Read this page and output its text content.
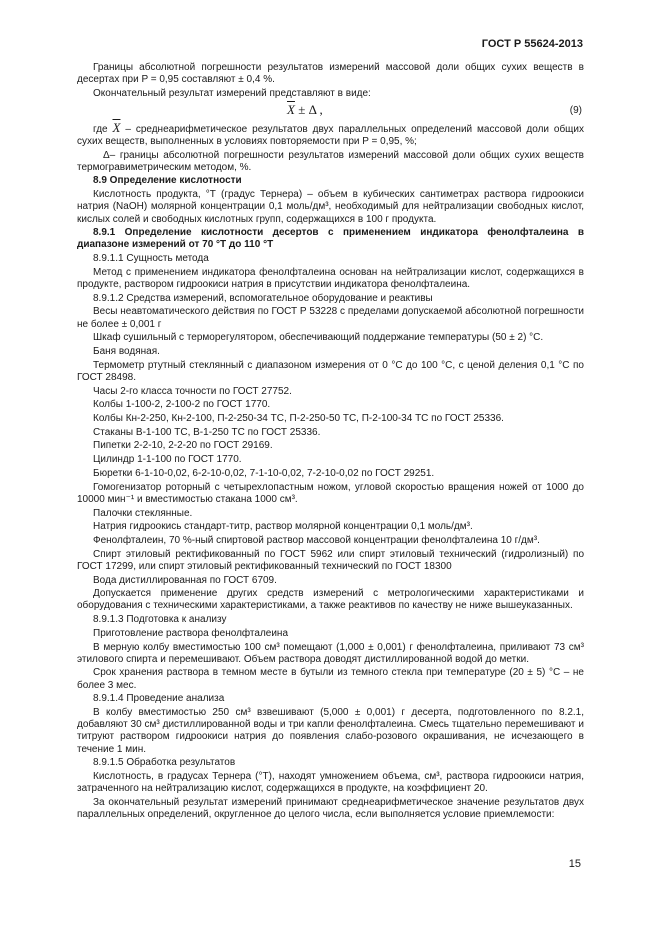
ГОСТ Р 55624-2013

Границы абсолютной погрешности результатов измерений массовой доли общих сухих веществ в десертах при P = 0,95 составляют ± 0,4 %.

Окончательный результат измерений представляют в виде:

$\overline{X} \pm \Delta$ ,	(9)

где $\overline{X}$ – среднеарифметическое результатов двух параллельных определений массовой доли общих сухих веществ, выполненных в условиях повторяемости при P = 0,95, %;

Δ– границы абсолютной погрешности результатов измерений массовой доли общих сухих веществ термогравиметрическим методом, %.

8.9 Определение кислотности

Кислотность продукта, °Т (градус Тернера) – объем в кубических сантиметрах раствора гидроокиси натрия (NaOH) молярной концентрации 0,1 моль/дм³, необходимый для нейтрализации свободных кислот, кислых солей и свободных кислотных групп, содержащихся в 100 г продукта.

8.9.1 Определение кислотности десертов с применением индикатора фенолфталеина в диапазоне измерений от 70 °Т до 110 °Т

8.9.1.1 Сущность метода

Метод с применением индикатора фенолфталеина основан на нейтрализации кислот, содержащихся в продукте, раствором гидроокиси натрия в присутствии индикатора фенолфталеина.

8.9.1.2 Средства измерений, вспомогательное оборудование и реактивы

Весы неавтоматического действия по ГОСТ Р 53228 с пределами допускаемой абсолютной погрешности не более ± 0,001 г

Шкаф сушильный с терморегулятором, обеспечивающий поддержание температуры (50 ± 2) °С.

Баня водяная.

Термометр ртутный стеклянный с диапазоном измерения от 0 °С до 100 °С, с ценой деления 0,1 °С по ГОСТ 28498.

Часы 2-го класса точности по ГОСТ 27752.

Колбы 1-100-2, 2-100-2 по ГОСТ 1770.

Колбы Кн-2-250, Кн-2-100, П-2-250-34 ТС, П-2-250-50 ТС, П-2-100-34 ТС по ГОСТ 25336.

Стаканы В-1-100 ТС, В-1-250 ТС по ГОСТ 25336.

Пипетки 2-2-10, 2-2-20 по ГОСТ 29169.

Цилиндр 1-1-100 по ГОСТ 1770.

Бюретки 6-1-10-0,02, 6-2-10-0,02, 7-1-10-0,02, 7-2-10-0,02 по ГОСТ 29251.

Гомогенизатор роторный с четырехлопастным ножом, угловой скоростью вращения ножей от 1000 до 10000 мин⁻¹ и вместимостью стакана 1000 см³.

Палочки стеклянные.

Натрия гидроокись стандарт-титр, раствор молярной концентрации 0,1 моль/дм³.

Фенолфталеин, 70 %-ный спиртовой раствор массовой концентрации фенолфталеина 10 г/дм³.

Спирт этиловый ректификованный по ГОСТ 5962 или спирт этиловый технический (гидролизный) по ГОСТ 17299, или спирт этиловый ректификованный технический по ГОСТ 18300

Вода дистиллированная по ГОСТ 6709.

Допускается применение других средств измерений с метрологическими характеристиками и оборудования с техническими характеристиками, а также реактивов по качеству не ниже вышеуказанных.

8.9.1.3 Подготовка к анализу

Приготовление раствора фенолфталеина

В мерную колбу вместимостью 100 см³ помещают (1,000 ± 0,001) г фенолфталеина, приливают 73 см³ этилового спирта и перемешивают. Объем раствора доводят дистиллированной водой до метки.

Срок хранения раствора в темном месте в бутыли из темного стекла при температуре (20 ± 5) °С – не более 3 мес.

8.9.1.4 Проведение анализа

В колбу вместимостью 250 см³ взвешивают (5,000 ± 0,001) г десерта, подготовленного по 8.2.1, добавляют 30 см³ дистиллированной воды и три капли фенолфталеина. Смесь тщательно перемешивают и титруют раствором гидроокиси натрия до появления слабо-розового окрашивания, не исчезающего в течение 1 мин.

8.9.1.5 Обработка результатов

Кислотность, в градусах Тернера (°Т), находят умножением объема, см³, раствора гидроокиси натрия, затраченного на нейтрализацию кислот, содержащихся в продукте, на коэффициент 20.

За окончательный результат измерений принимают среднеарифметическое значение результатов двух параллельных определений, округленное до целого числа, если выполняется условие приемлемости:

15
